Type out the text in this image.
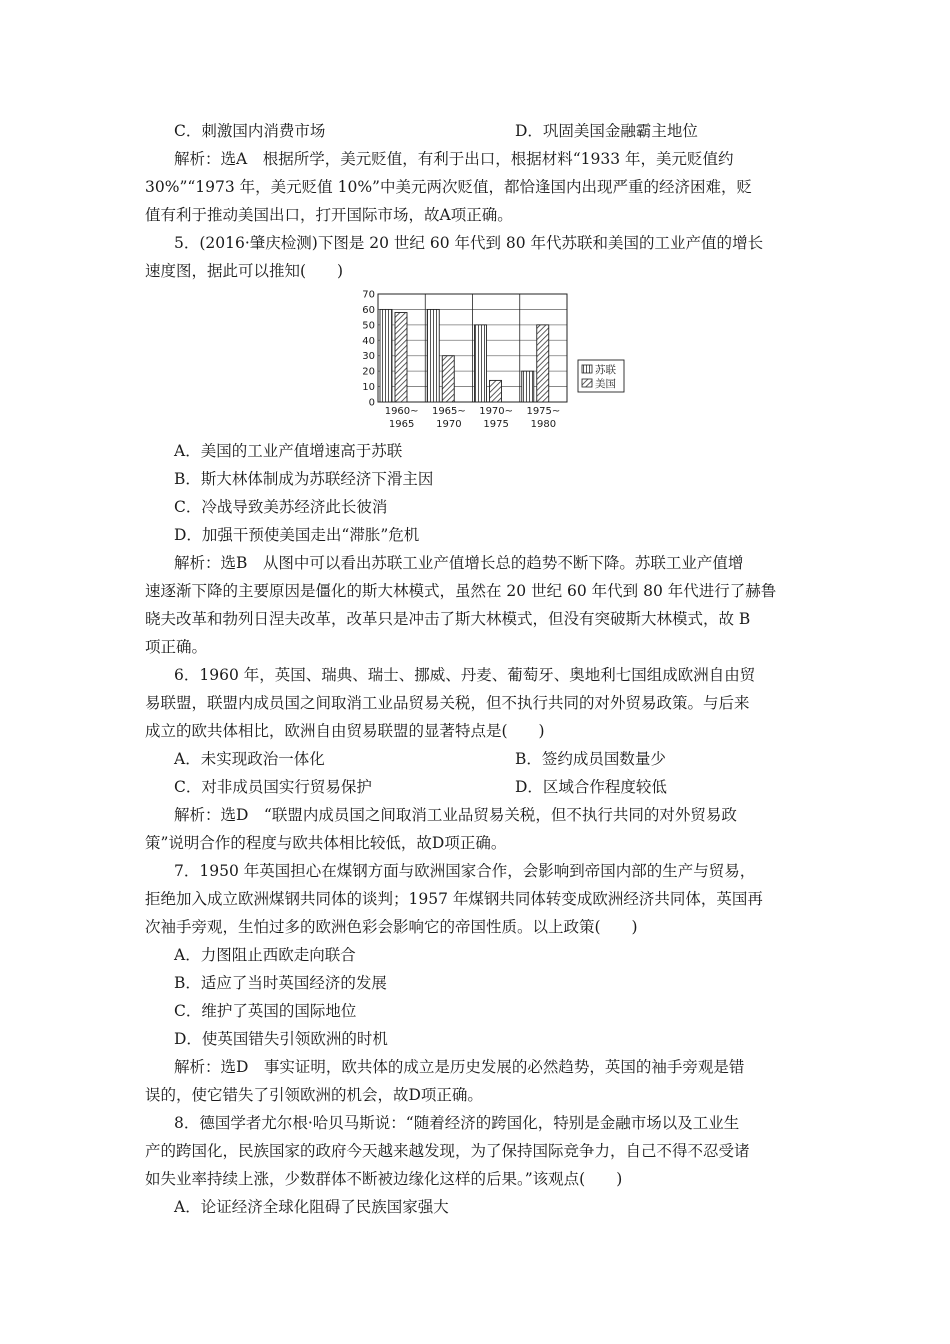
C．刺激国内消费市场	D．巩固美国金融霸主地位
解析：选A　根据所学，美元贬值，有利于出口，根据材料“1933 年，美元贬值约
30%”“1973 年，美元贬值 10%”中美元两次贬值，都恰逢国内出现严重的经济困难，贬
值有利于推动美国出口，打开国际市场，故A项正确。
5．(2016·肇庆检测)下图是 20 世纪 60 年代到 80 年代苏联和美国的工业产值的增长
速度图，据此可以推知(　　)
0
10
20
30
40
50
60
70
1960~
1965
1965~
1970
1970~
1975
1975~
1980
苏联
美国
A．美国的工业产值增速高于苏联
B．斯大林体制成为苏联经济下滑主因
C．冷战导致美苏经济此长彼消
D．加强干预使美国走出“滞胀”危机
解析：选B　从图中可以看出苏联工业产值增长总的趋势不断下降。苏联工业产值增
速逐渐下降的主要原因是僵化的斯大林模式，虽然在 20 世纪 60 年代到 80 年代进行了赫鲁
晓夫改革和勃列日涅夫改革，改革只是冲击了斯大林模式，但没有突破斯大林模式，故 B
项正确。
6．1960 年，英国、瑞典、瑞士、挪威、丹麦、葡萄牙、奥地利七国组成欧洲自由贸
易联盟，联盟内成员国之间取消工业品贸易关税，但不执行共同的对外贸易政策。与后来
成立的欧共体相比，欧洲自由贸易联盟的显著特点是(　　)
A．未实现政治一体化	B．签约成员国数量少
C．对非成员国实行贸易保护	D．区域合作程度较低
解析：选D　“联盟内成员国之间取消工业品贸易关税，但不执行共同的对外贸易政
策”说明合作的程度与欧共体相比较低，故D项正确。
7．1950 年英国担心在煤钢方面与欧洲国家合作，会影响到帝国内部的生产与贸易，
拒绝加入成立欧洲煤钢共同体的谈判；1957 年煤钢共同体转变成欧洲经济共同体，英国再
次袖手旁观，生怕过多的欧洲色彩会影响它的帝国性质。以上政策(　　)
A．力图阻止西欧走向联合
B．适应了当时英国经济的发展
C．维护了英国的国际地位
D．使英国错失引领欧洲的时机
解析：选D　事实证明，欧共体的成立是历史发展的必然趋势，英国的袖手旁观是错
误的，使它错失了引领欧洲的机会，故D项正确。
8．德国学者尤尔根·哈贝马斯说：“随着经济的跨国化，特别是金融市场以及工业生
产的跨国化，民族国家的政府今天越来越发现，为了保持国际竞争力，自己不得不忍受诸
如失业率持续上涨，少数群体不断被边缘化这样的后果。”该观点(　　)
A．论证经济全球化阻碍了民族国家强大
